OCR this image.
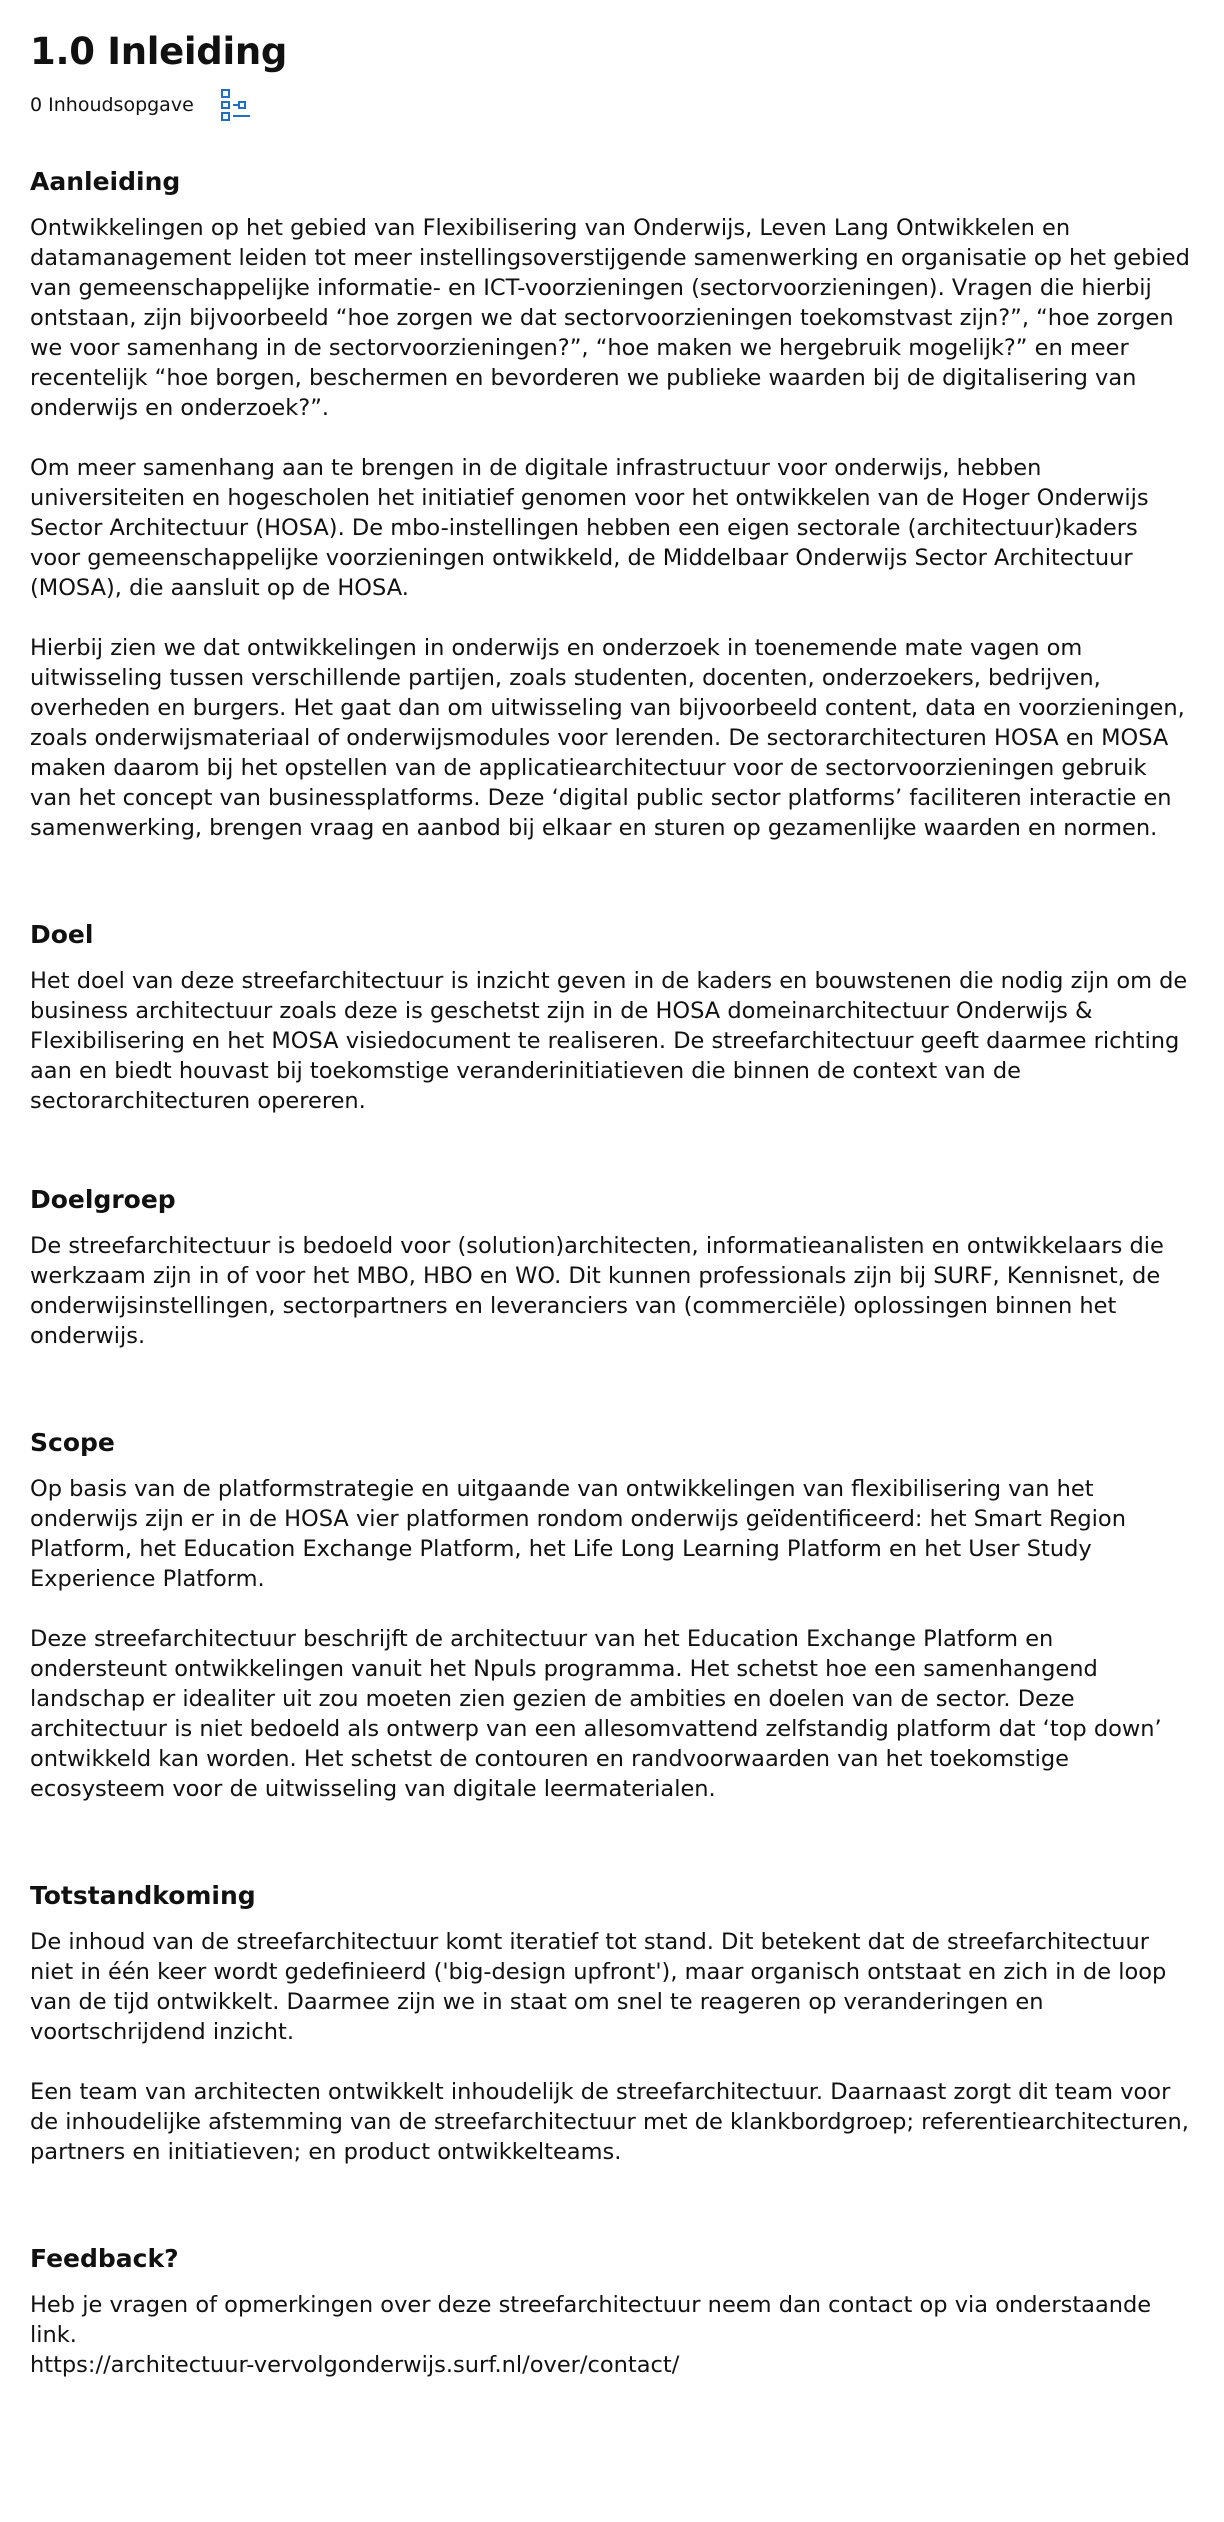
1.0 Inleiding
0 Inhoudsopgave
Aanleiding

Ontwikkelingen op het gebied van Flexibilisering van Onderwijs, Leven Lang Ontwikkelen en datamanagement leiden tot meer instellingsoverstijgende samenwerking en organisatie op het gebied van gemeenschappelijke informatie- en ICT-voorzieningen (sectorvoorzieningen). Vragen die hierbij ontstaan, zijn bijvoorbeeld “hoe zorgen we dat sectorvoorzieningen toekomstvast zijn?”, “hoe zorgen we voor samenhang in de sectorvoorzieningen?”, “hoe maken we hergebruik mogelijk?” en meer recentelijk “hoe borgen, beschermen en bevorderen we publieke waarden bij de digitalisering van onderwijs en onderzoek?”.

Om meer samenhang aan te brengen in de digitale infrastructuur voor onderwijs, hebben universiteiten en hogescholen het initiatief genomen voor het ontwikkelen van de Hoger Onderwijs Sector Architectuur (HOSA). De mbo-instellingen hebben een eigen sectorale (architectuur)kaders voor gemeenschappelijke voorzieningen ontwikkeld, de Middelbaar Onderwijs Sector Architectuur (MOSA), die aansluit op de HOSA.

Hierbij zien we dat ontwikkelingen in onderwijs en onderzoek in toenemende mate vagen om uitwisseling tussen verschillende partijen, zoals studenten, docenten, onderzoekers, bedrijven, overheden en burgers. Het gaat dan om uitwisseling van bijvoorbeeld content, data en voorzieningen, zoals onderwijsmateriaal of onderwijsmodules voor lerenden. De sectorarchitecturen HOSA en MOSA maken daarom bij het opstellen van de applicatiearchitectuur voor de sectorvoorzieningen gebruik van het concept van businessplatforms. Deze ‘digital public sector platforms’ faciliteren interactie en samenwerking, brengen vraag en aanbod bij elkaar en sturen op gezamenlijke waarden en normen.

Doel

Het doel van deze streefarchitectuur is inzicht geven in de kaders en bouwstenen die nodig zijn om de business architectuur zoals deze is geschetst zijn in de HOSA domeinarchitectuur Onderwijs & Flexibilisering en het MOSA visiedocument te realiseren. De streefarchitectuur geeft daarmee richting aan en biedt houvast bij toekomstige veranderinitiatieven die binnen de context van de sectorarchitecturen opereren.

Doelgroep

De streefarchitectuur is bedoeld voor (solution)architecten, informatieanalisten en ontwikkelaars die werkzaam zijn in of voor het MBO, HBO en WO. Dit kunnen professionals zijn bij SURF, Kennisnet, de onderwijsinstellingen, sectorpartners en leveranciers van (commerciële) oplossingen binnen het onderwijs.

Scope

Op basis van de platformstrategie en uitgaande van ontwikkelingen van flexibilisering van het onderwijs zijn er in de HOSA vier platformen rondom onderwijs geïdentificeerd: het Smart Region Platform, het Education Exchange Platform, het Life Long Learning Platform en het User Study Experience Platform.

Deze streefarchitectuur beschrijft de architectuur van het Education Exchange Platform en ondersteunt ontwikkelingen vanuit het Npuls programma. Het schetst hoe een samenhangend landschap er idealiter uit zou moeten zien gezien de ambities en doelen van de sector. Deze architectuur is niet bedoeld als ontwerp van een allesomvattend zelfstandig platform dat ‘top down’ ontwikkeld kan worden. Het schetst de contouren en randvoorwaarden van het toekomstige ecosysteem voor de uitwisseling van digitale leermaterialen.

Totstandkoming

De inhoud van de streefarchitectuur komt iteratief tot stand. Dit betekent dat de streefarchitectuur niet in één keer wordt gedefinieerd ('big-design upfront'), maar organisch ontstaat en zich in de loop van de tijd ontwikkelt. Daarmee zijn we in staat om snel te reageren op veranderingen en voortschrijdend inzicht.

Een team van architecten ontwikkelt inhoudelijk de streefarchitectuur. Daarnaast zorgt dit team voor de inhoudelijke afstemming van de streefarchitectuur met de klankbordgroep; referentiearchitecturen, partners en initiatieven; en product ontwikkelteams.

Feedback?

Heb je vragen of opmerkingen over deze streefarchitectuur neem dan contact op via onderstaande link.

https://architectuur-vervolgonderwijs.surf.nl/over/contact/
